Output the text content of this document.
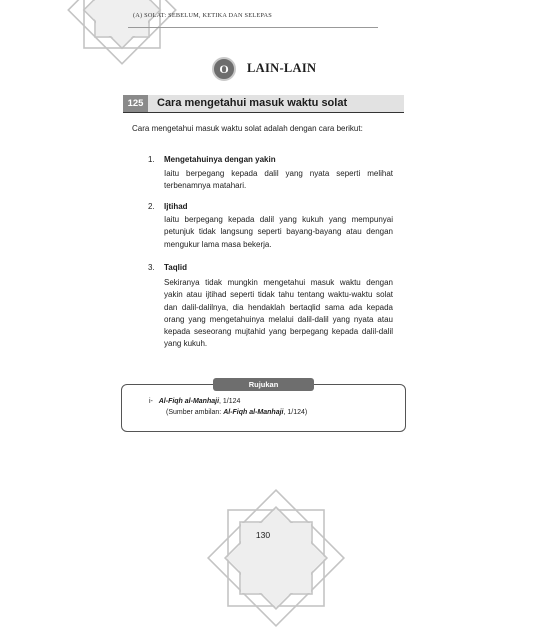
(A) SOLAT: SEBELUM, KETIKA DAN SELEPAS
O	LAIN-LAIN
125	Cara mengetahui masuk waktu solat
Cara mengetahui masuk waktu solat adalah dengan cara berikut:
1. Mengetahuinya dengan yakin
Iaitu berpegang kepada dalil yang nyata seperti melihat terbenamnya matahari.
2. Ijtihad
Iaitu berpegang kepada dalil yang kukuh yang mempunyai petunjuk tidak langsung seperti bayang-bayang atau dengan mengukur lama masa bekerja.
3. Taqlid
Sekiranya tidak mungkin mengetahui masuk waktu dengan yakin atau ijtihad seperti tidak tahu tentang waktu-waktu solat dan dalil-dalilnya, dia hendaklah bertaqlid sama ada kepada orang yang mengetahuinya melalui dalil-dalil yang nyata atau kepada seseorang mujtahid yang berpegang kepada dalil-dalil yang kukuh.
Rujukan
i- Al-Fiqh al-Manhaji, 1/124
(Sumber ambilan: Al-Fiqh al-Manhaji, 1/124)
130
